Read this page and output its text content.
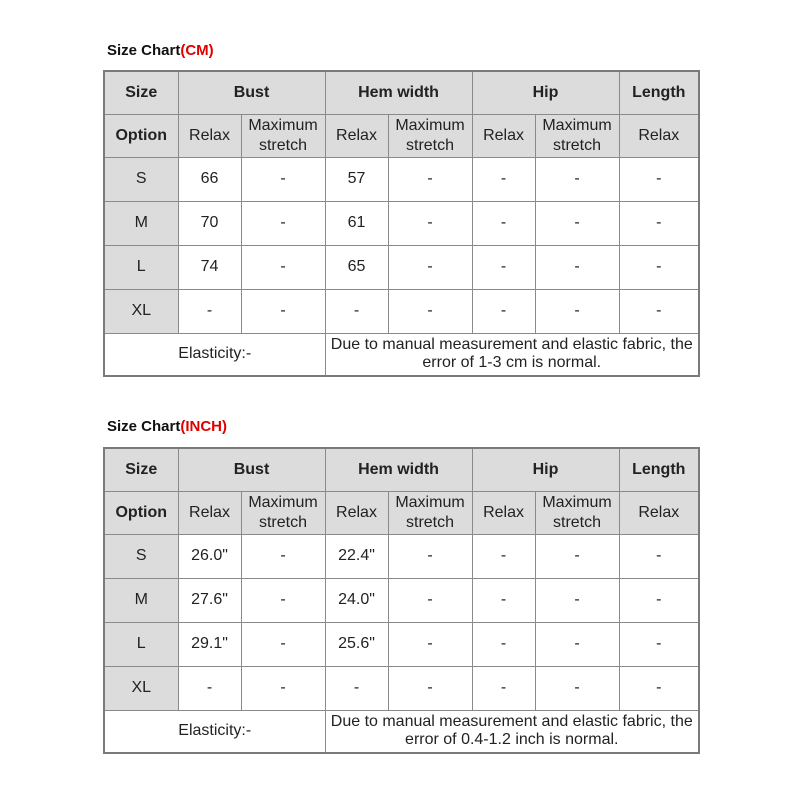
Size Chart(CM)
Size	Bust		Hem width		Hip		Length
Option	Relax	Maximum stretch	Relax	Maximum stretch	Relax	Maximum stretch	Relax
S	66	-	57	-	-	-	-
M	70	-	61	-	-	-	-
L	74	-	65	-	-	-	-
XL	-	-	-	-	-	-	-
Elasticity:-			Due to manual measurement and elastic fabric, the error of 1-3 cm is normal.				
Size Chart(INCH)
Size	Bust		Hem width		Hip		Length
Option	Relax	Maximum stretch	Relax	Maximum stretch	Relax	Maximum stretch	Relax
S	26.0"	-	22.4"	-	-	-	-
M	27.6"	-	24.0"	-	-	-	-
L	29.1"	-	25.6"	-	-	-	-
XL	-	-	-	-	-	-	-
Elasticity:-			Due to manual measurement and elastic fabric, the error of 0.4-1.2 inch is normal.				
